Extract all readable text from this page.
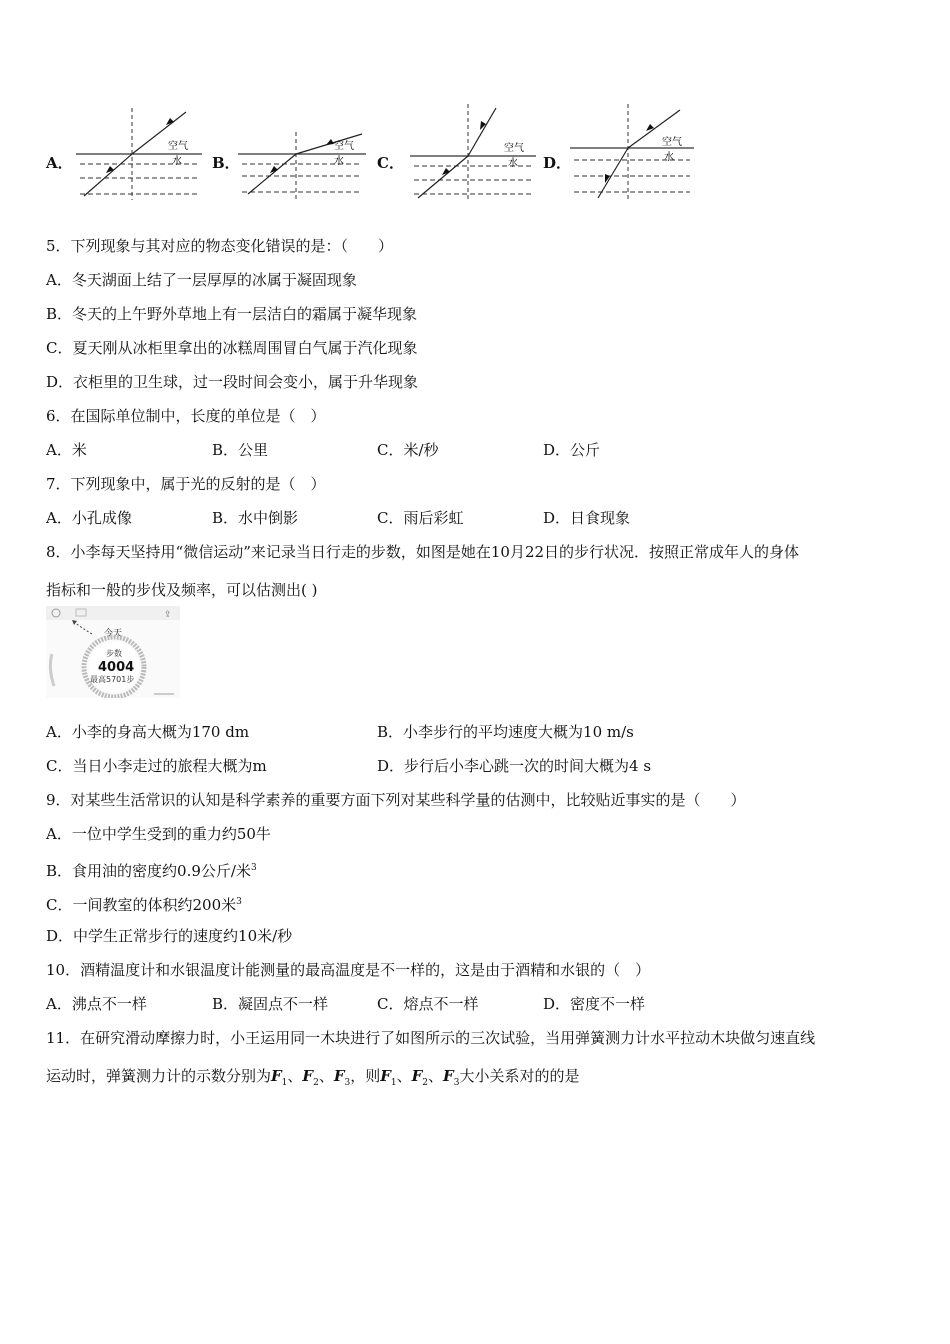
A．
空气
水 B．
空气
水 C．
空气
水 D．
空气
水
5．下列现象与其对应的物态变化错误的是：（　　）
A．冬天湖面上结了一层厚厚的冰属于凝固现象
B．冬天的上午野外草地上有一层洁白的霜属于凝华现象
C．夏天刚从冰柜里拿出的冰糕周围冒白气属于汽化现象
D．衣柜里的卫生球，过一段时间会变小，属于升华现象
6．在国际单位制中，长度的单位是（　）
A．米	B．公里	C．米/秒	D．公斤
7．下列现象中，属于光的反射的是（　）
A．小孔成像	B．水中倒影	C．雨后彩虹	D．日食现象
8．小李每天坚持用“微信运动”来记录当日行走的步数，如图是她在10月22日的步行状况．按照正常成年人的身体
指标和一般的步伐及频率，可以估测出( )
⇪
今天
步数
4004
最高5701步
A．小李的身高大概为170 dm	B．小李步行的平均速度大概为10 m/s
C．当日小李走过的旅程大概为m	D．步行后小李心跳一次的时间大概为4 s
9．对某些生活常识的认知是科学素养的重要方面下列对某些科学量的估测中，比较贴近事实的是（　　）
A．一位中学生受到的重力约50牛
B．食用油的密度约0.9公斤/米$^3$
C．一间教室的体积约200米$^3$
D．中学生正常步行的速度约10米/秒
10．酒精温度计和水银温度计能测量的最高温度是不一样的，这是由于酒精和水银的（　）
A．沸点不一样	B．凝固点不一样	C．熔点不一样	D．密度不一样
11．在研究滑动摩擦力时，小王运用同一木块进行了如图所示的三次试验，当用弹簧测力计水平拉动木块做匀速直线
运动时，弹簧测力计的示数分别为$F_1$、$F_2$、$F_3$，则$F_1$、$F_2$、$F_3$大小关系对的的是
